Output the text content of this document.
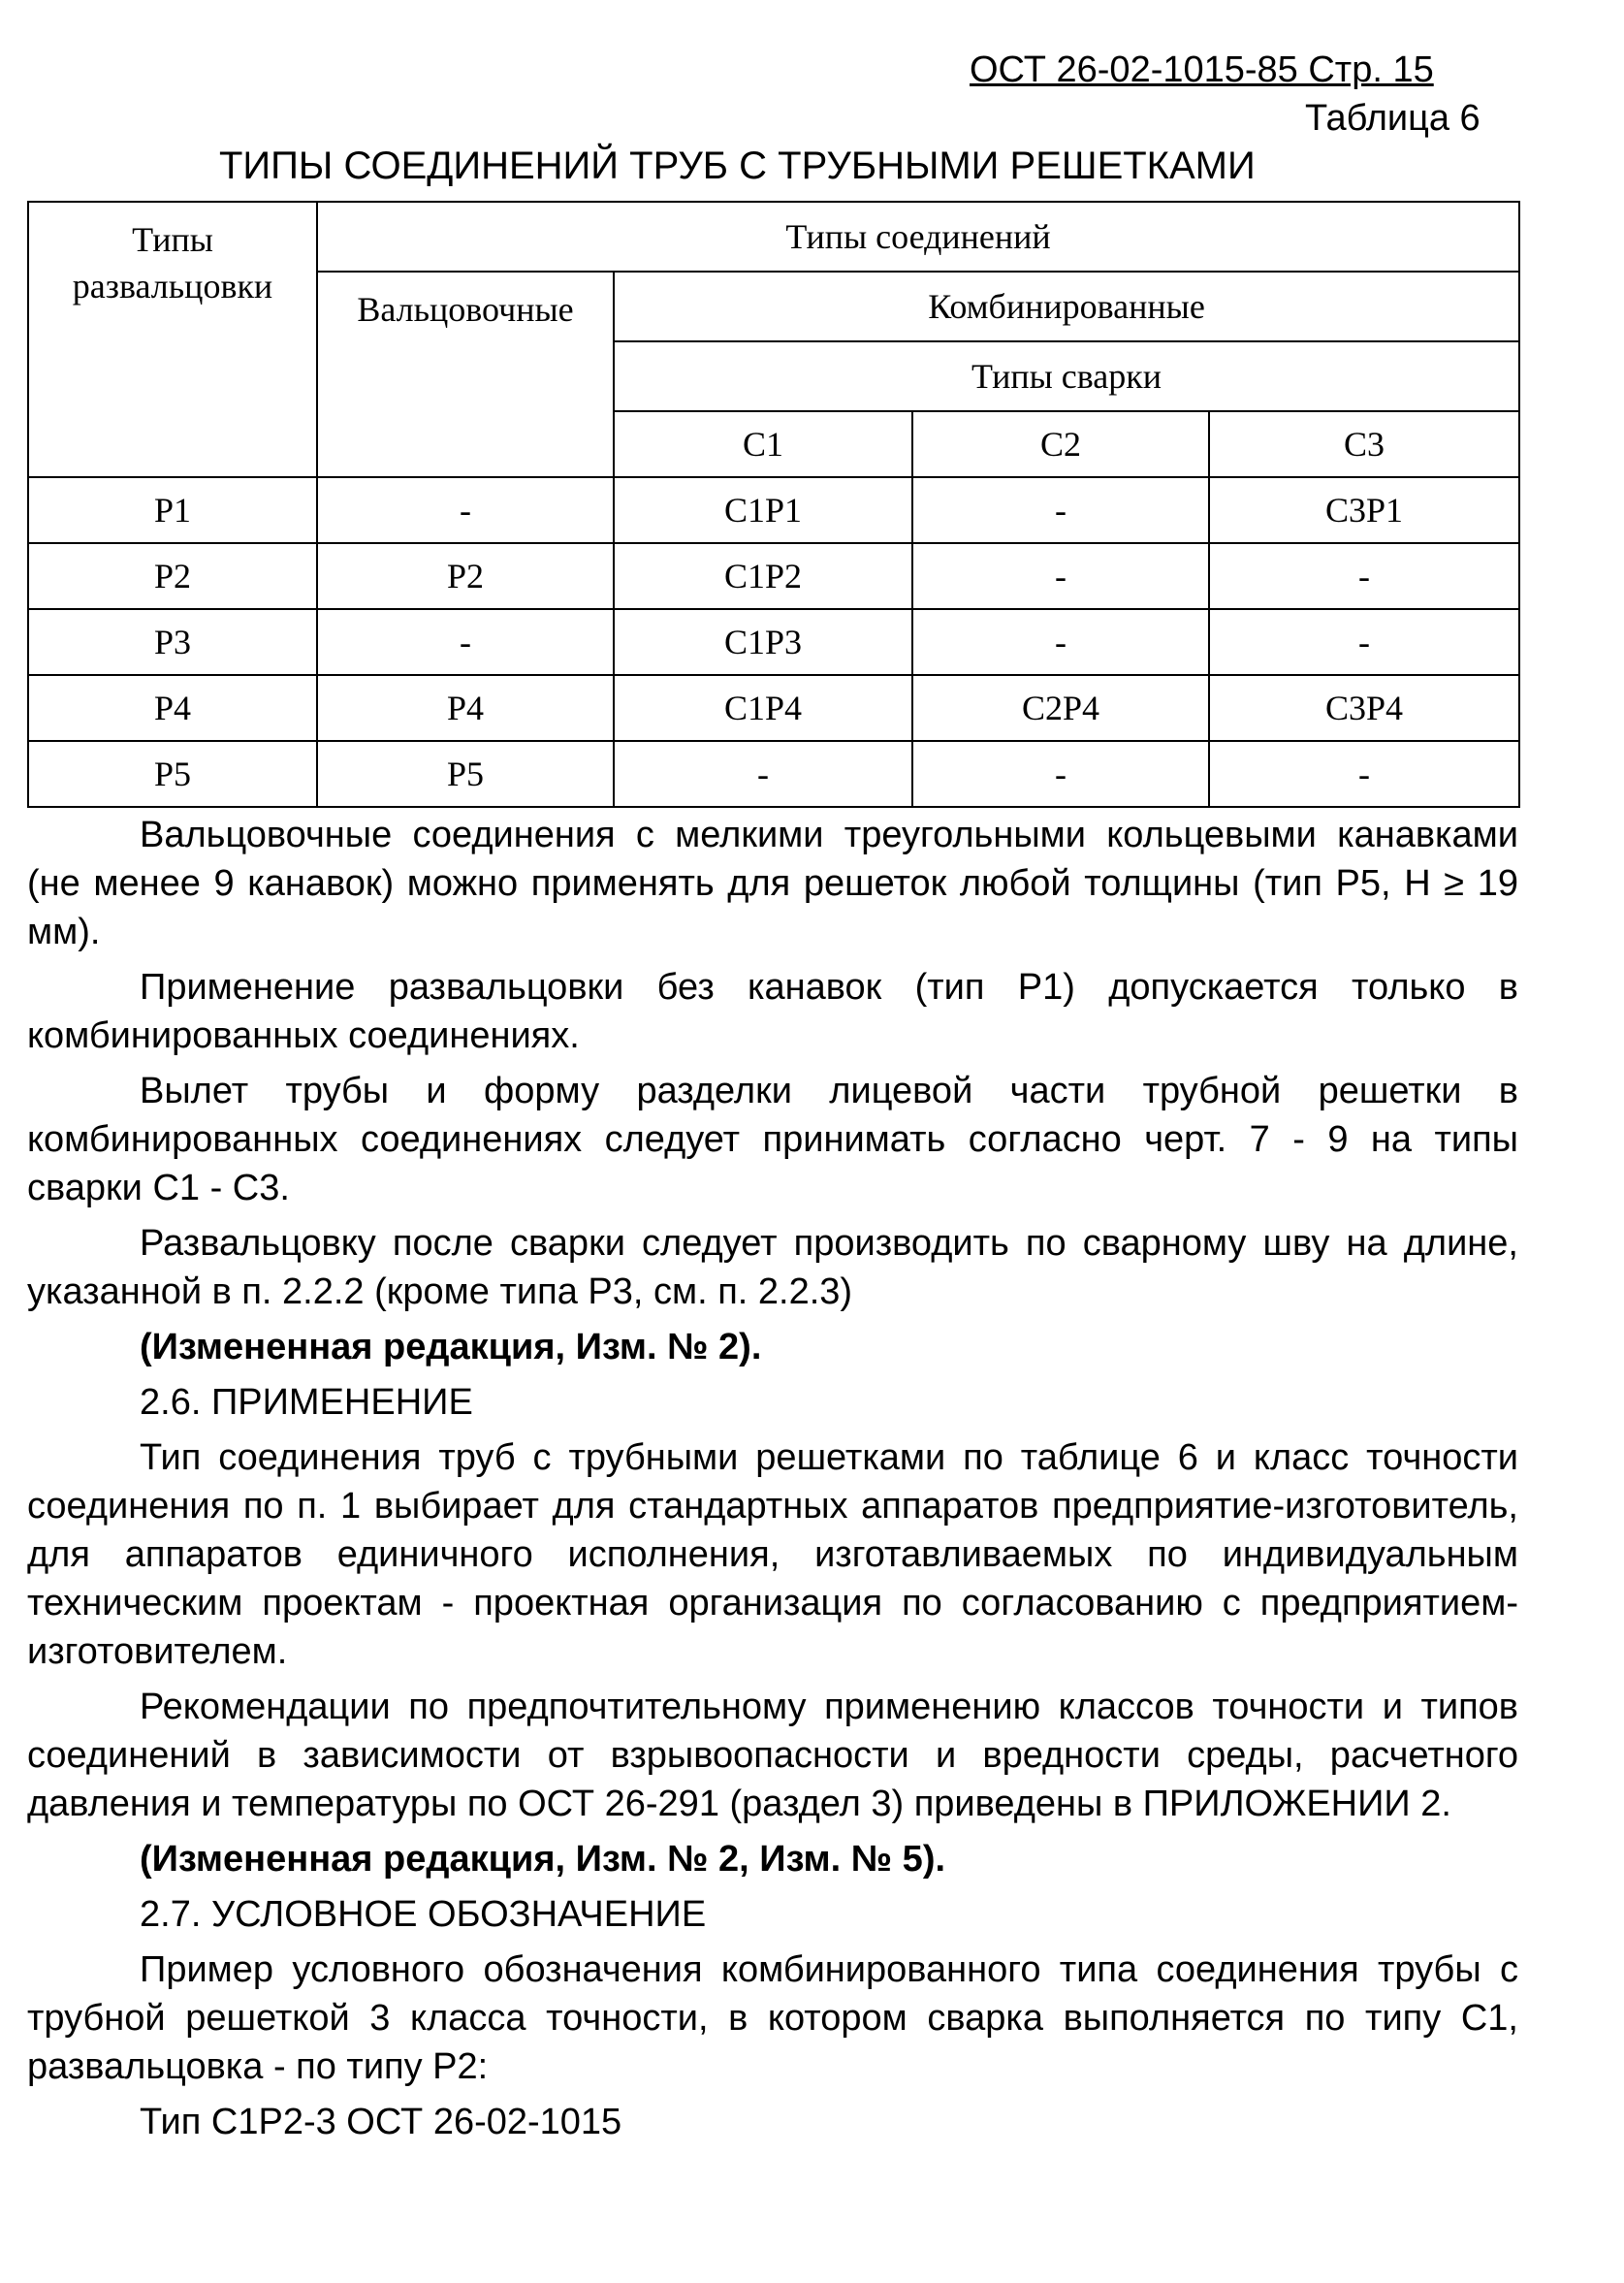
ОСТ 26-02-1015-85 Стр. 15
Таблица 6
ТИПЫ СОЕДИНЕНИЙ ТРУБ С ТРУБНЫМИ РЕШЕТКАМИ
Типы развальцовки	Типы соединений			
	Вальцовочные	Комбинированные		
		Типы сварки		
		С1	С2	С3
Р1	-	С1Р1	-	С3Р1
Р2	Р2	С1Р2	-	-
Р3	-	С1Р3	-	-
Р4	Р4	С1Р4	С2Р4	С3Р4
Р5	Р5	-	-	-

Вальцовочные соединения с мелкими треугольными кольцевыми канавками (не менее 9 канавок) можно применять для решеток любой толщины (тип Р5, Н ≥ 19 мм).

Применение развальцовки без канавок (тип Р1) допускается только в комбинированных соединениях.

Вылет трубы и форму разделки лицевой части трубной решетки в комбинированных соединениях следует принимать согласно черт. 7 - 9 на типы сварки С1 - С3.

Развальцовку после сварки следует производить по сварному шву на длине, указанной в п. 2.2.2 (кроме типа Р3, см. п. 2.2.3)

(Измененная редакция, Изм. № 2).

2.6. ПРИМЕНЕНИЕ

Тип соединения труб с трубными решетками по таблице 6 и класс точности соединения по п. 1 выбирает для стандартных аппаратов предприятие-изготовитель, для аппаратов единичного исполнения, изготавливаемых по индивидуальным техническим проектам - проектная организация по согласованию с предприятием-изготовителем.

Рекомендации по предпочтительному применению классов точности и типов соединений в зависимости от взрывоопасности и вредности среды, расчетного давления и температуры по ОСТ 26-291 (раздел 3) приведены в ПРИЛОЖЕНИИ 2.

(Измененная редакция, Изм. № 2, Изм. № 5).

2.7. УСЛОВНОЕ ОБОЗНАЧЕНИЕ

Пример условного обозначения комбинированного типа соединения трубы с трубной решеткой 3 класса точности, в котором сварка выполняется по типу С1, развальцовка - по типу Р2:

Тип С1Р2-3 ОСТ 26-02-1015
